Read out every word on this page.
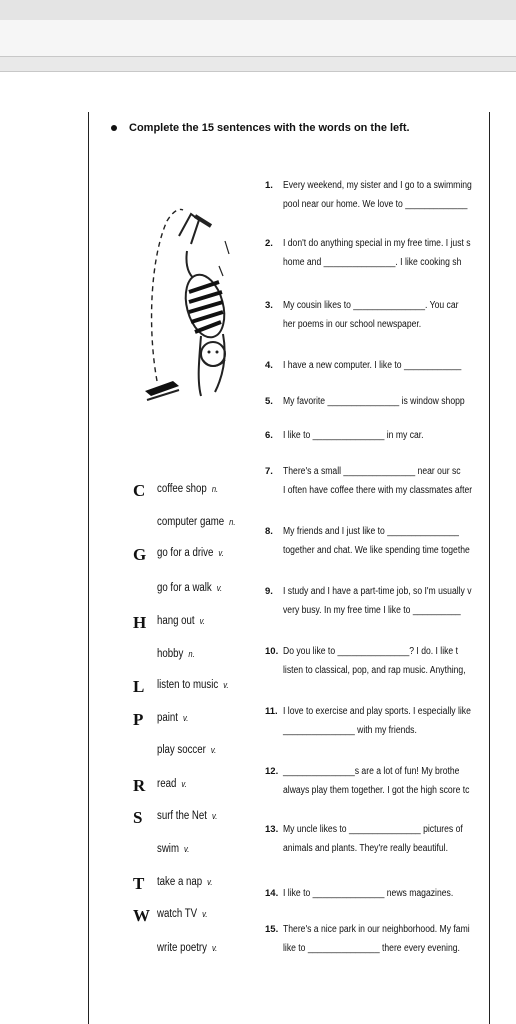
Complete the 15 sentences with the words on the left.
C coffee shop n.
computer game n.
G go for a drive v.
go for a walk v.
H hang out v.
hobby n.
L listen to music v.
P paint v.
play soccer v.
R read v.
S surf the Net v.
swim v.
T take a nap v.
W watch TV v.
write poetry v.
1. Every weekend, my sister and I go to a swimming
pool near our home. We love to _____________
2. I don't do anything special in my free time. I just s
home and _______________. I like cooking sh
3. My cousin likes to _______________. You car
her poems in our school newspaper.
4. I have a new computer. I like to ____________
5. My favorite _______________ is window shopp
6. I like to _______________ in my car.
7. There's a small _______________ near our sc
I often have coffee there with my classmates after
8. My friends and I just like to _______________
together and chat. We like spending time togethe
9. I study and I have a part-time job, so I'm usually v
very busy. In my free time I like to __________
10. Do you like to _______________? I do. I like t
listen to classical, pop, and rap music. Anything,
11. I love to exercise and play sports. I especially like
_______________ with my friends.
12. _______________s are a lot of fun! My brothe
always play them together. I got the high score tc
13. My uncle likes to _______________ pictures of
animals and plants. They're really beautiful.
14. I like to _______________ news magazines.
15. There's a nice park in our neighborhood. My fami
like to _______________ there every evening.
